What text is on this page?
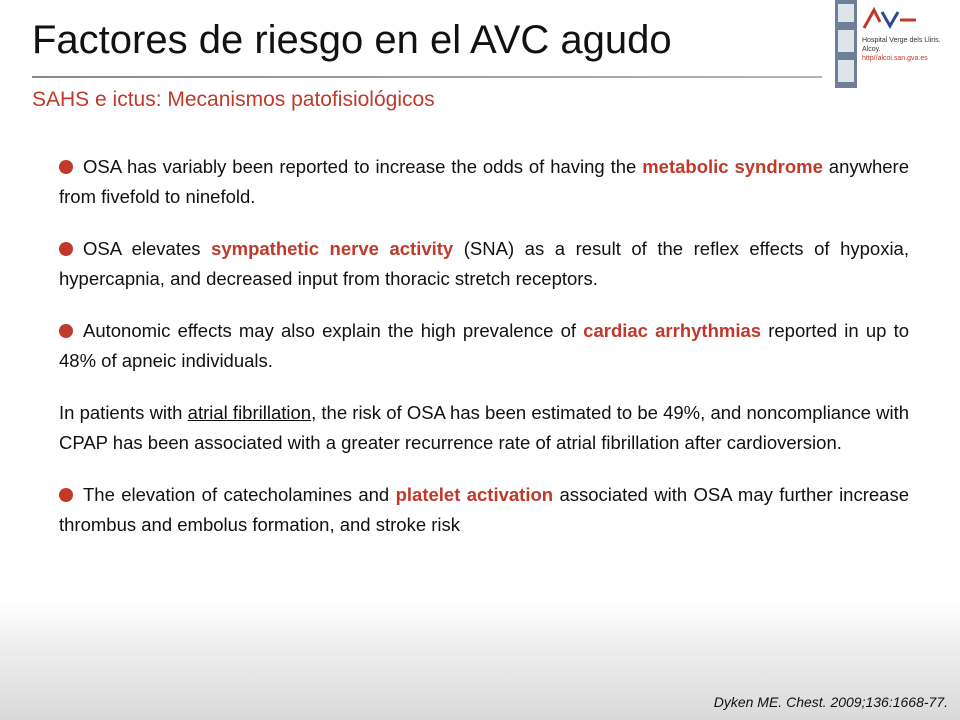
Factores de riesgo en el AVC agudo
SAHS e ictus: Mecanismos patofisiológicos
Hospital Verge dels Lliris.
Alcoy.
http//alcoi.san.gva.es

OSA has variably been reported to increase the odds of having the metabolic syndrome anywhere from fivefold to ninefold.

OSA elevates sympathetic nerve activity (SNA) as a result of the reflex effects of hypoxia, hypercapnia, and decreased input from thoracic stretch receptors.

Autonomic effects may also explain the high prevalence of cardiac arrhythmias reported in up to 48% of apneic individuals.

In patients with atrial fibrillation, the risk of OSA has been estimated to be 49%, and noncompliance with CPAP has been associated with a greater recurrence rate of atrial fibrillation after cardioversion.

The elevation of catecholamines and platelet activation associated with OSA may further increase thrombus and embolus formation, and stroke risk

Dyken ME. Chest. 2009;136:1668-77.
